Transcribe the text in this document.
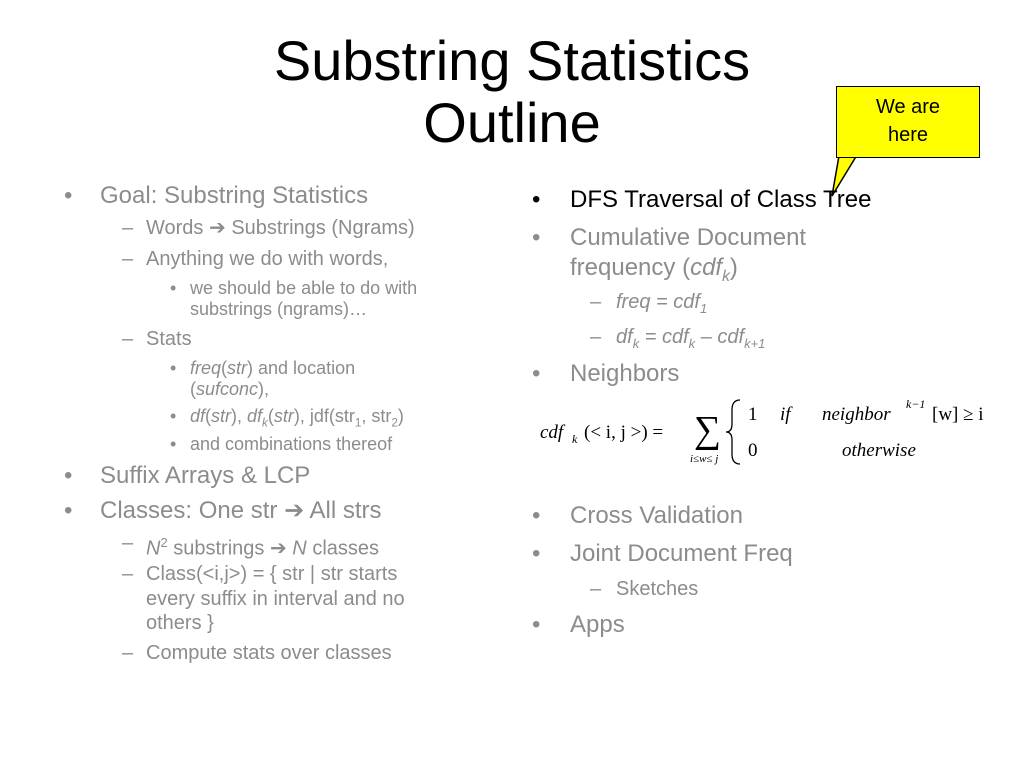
Substring Statistics
Outline	We are
here
• Goal: Substring Statistics
– Words ➔ Substrings (Ngrams)
– Anything we do with words,
• we should be able to do with
substrings (ngrams)…
– Stats
• freq(str) and location
(sufconc),
• df(str), $df_k(str)$, jdf(str$_1$, str$_2$)
• and combinations thereof
• Suffix Arrays & LCP
• Classes: One str ➔ All strs
– $N^2$ substrings ➔ N classes
– Class(<i,j>) = { str | str starts
every suffix in interval and no
others }
– Compute stats over classes
• DFS Traversal of Class Tree
• Cumulative Document
frequency (cdf$_k$)
– freq = cdf$_1$
– $df_k = cdf_k - cdf_{k+1}$
• Neighbors
cdf k (< i, j >) = ∑
i≤w≤ j
1 if neighbor k−1 [w] ≥ i
0	otherwise
• Cross Validation
• Joint Document Freq
– Sketches
• Apps
